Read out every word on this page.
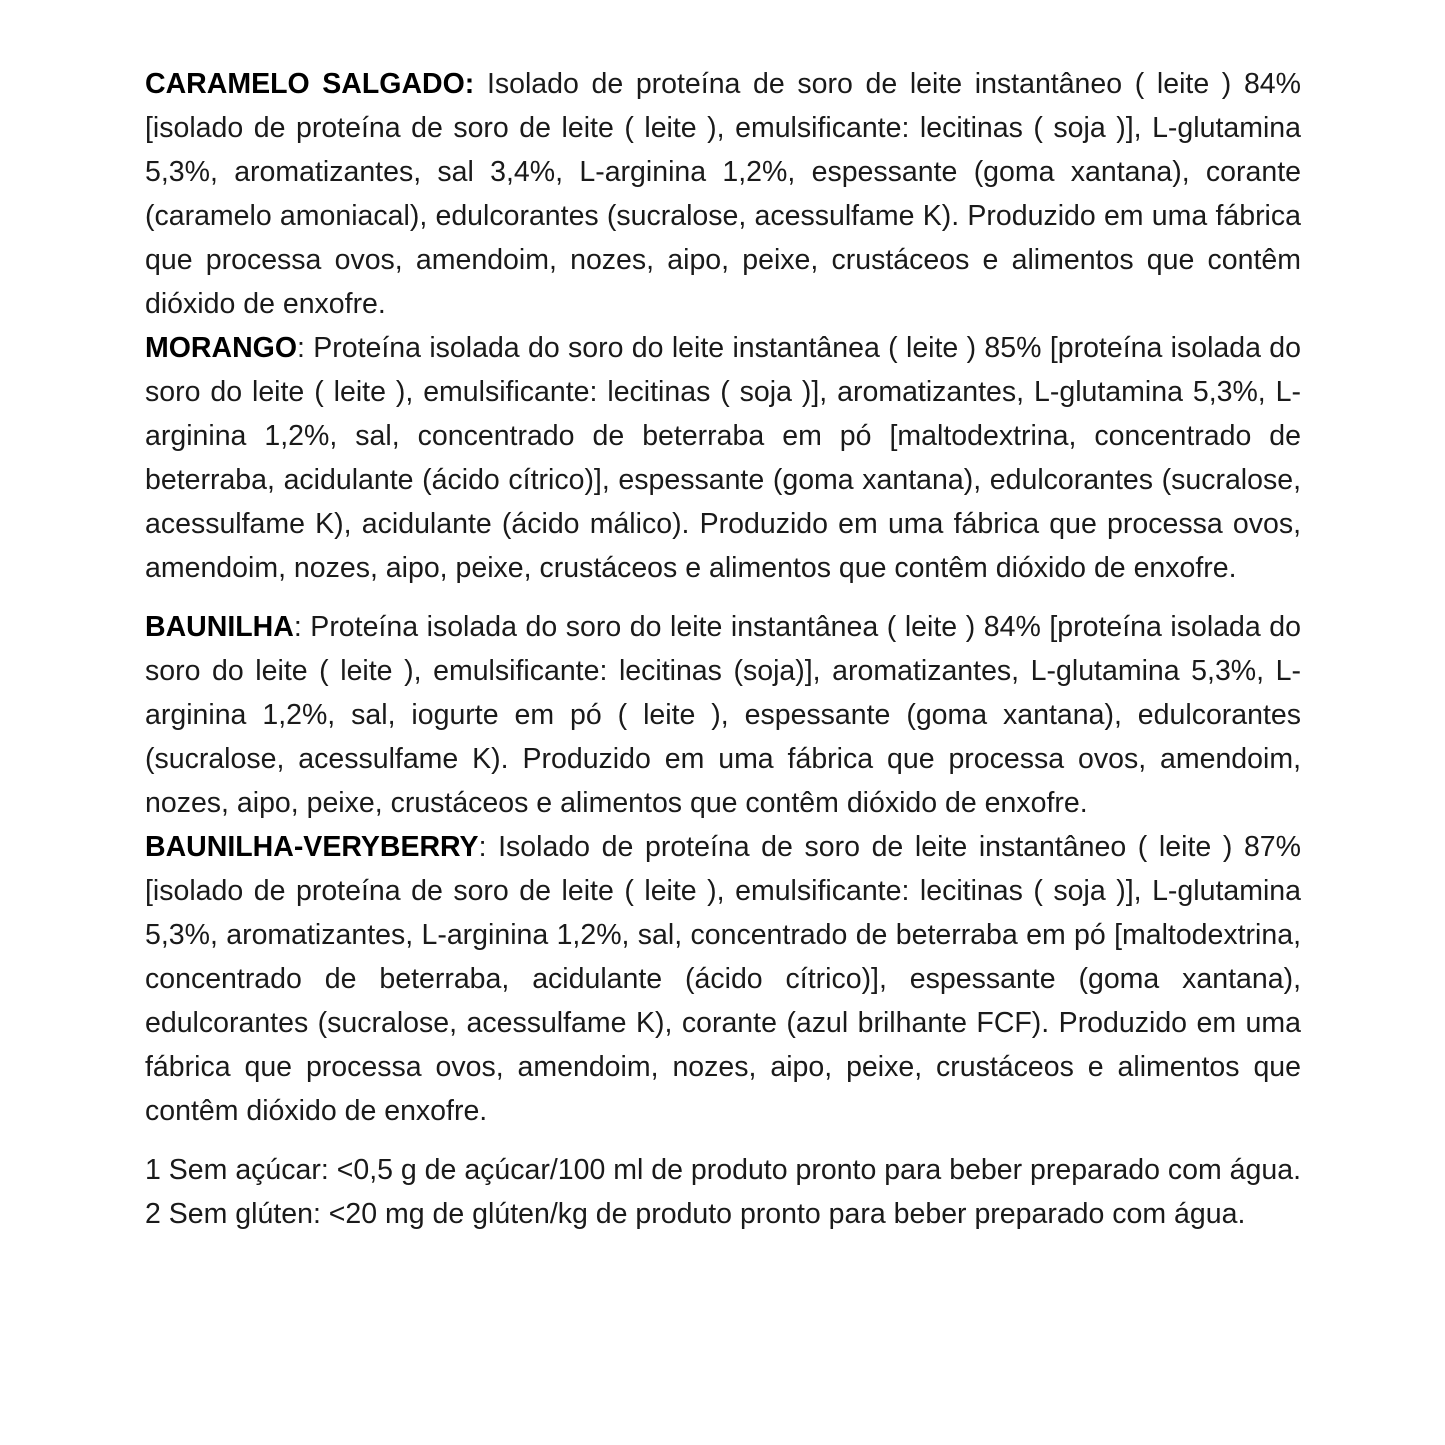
CARAMELO SALGADO: Isolado de proteína de soro de leite instantâneo ( leite ) 84% [isolado de proteína de soro de leite ( leite ), emulsificante: lecitinas ( soja )], L-glutamina 5,3%, aromatizantes, sal 3,4%, L-arginina 1,2%, espessante (goma xantana), corante (caramelo amoniacal), edulcorantes (sucralose, acessulfame K). Produzido em uma fábrica que processa ovos, amendoim, nozes, aipo, peixe, crustáceos e alimentos que contêm dióxido de enxofre.

MORANGO: Proteína isolada do soro do leite instantânea ( leite ) 85% [proteína isolada do soro do leite ( leite ), emulsificante: lecitinas ( soja )], aromatizantes, L-glutamina 5,3%, L-arginina 1,2%, sal, concentrado de beterraba em pó [maltodextrina, concentrado de beterraba, acidulante (ácido cítrico)], espessante (goma xantana), edulcorantes (sucralose, acessulfame K), acidulante (ácido málico). Produzido em uma fábrica que processa ovos, amendoim, nozes, aipo, peixe, crustáceos e alimentos que contêm dióxido de enxofre.

BAUNILHA: Proteína isolada do soro do leite instantânea ( leite ) 84% [proteína isolada do soro do leite ( leite ), emulsificante: lecitinas (soja)], aromatizantes, L-glutamina 5,3%, L-arginina 1,2%, sal, iogurte em pó ( leite ), espessante (goma xantana), edulcorantes (sucralose, acessulfame K). Produzido em uma fábrica que processa ovos, amendoim, nozes, aipo, peixe, crustáceos e alimentos que contêm dióxido de enxofre.

BAUNILHA-VERYBERRY: Isolado de proteína de soro de leite instantâneo ( leite ) 87% [isolado de proteína de soro de leite ( leite ), emulsificante: lecitinas ( soja )], L-glutamina 5,3%, aromatizantes, L-arginina 1,2%, sal, concentrado de beterraba em pó [maltodextrina, concentrado de beterraba, acidulante (ácido cítrico)], espessante (goma xantana), edulcorantes (sucralose, acessulfame K), corante (azul brilhante FCF). Produzido em uma fábrica que processa ovos, amendoim, nozes, aipo, peixe, crustáceos e alimentos que contêm dióxido de enxofre.

1 Sem açúcar: <0,5 g de açúcar/100 ml de produto pronto para beber preparado com água. 2 Sem glúten: <20 mg de glúten/kg de produto pronto para beber preparado com água.
